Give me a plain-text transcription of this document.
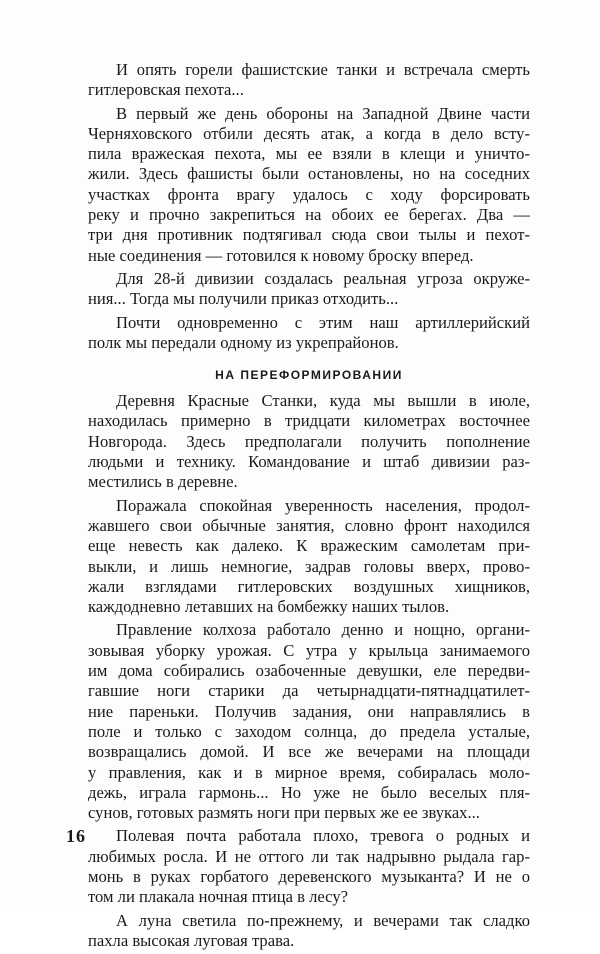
И опять горели фашистские танки и встречала смерть
гитлеровская пехота...
В первый же день обороны на Западной Двине части
Черняховского отбили десять атак, а когда в дело всту-
пила вражеская пехота, мы ее взяли в клещи и уничто-
жили. Здесь фашисты были остановлены, но на соседних
участках фронта врагу удалось с ходу форсировать
реку и прочно закрепиться на обоих ее берегах. Два —
три дня противник подтягивал сюда свои тылы и пехот-
ные соединения — готовился к новому броску вперед.
Для 28-й дивизии создалась реальная угроза окруже-
ния... Тогда мы получили приказ отходить...
Почти одновременно с этим наш артиллерийский
полк мы передали одному из укрепрайонов.
НА ПЕРЕФОРМИРОВАНИИ
Деревня Красные Станки, куда мы вышли в июле,
находилась примерно в тридцати километрах восточнее
Новгорода. Здесь предполагали получить пополнение
людьми и технику. Командование и штаб дивизии раз-
местились в деревне.
Поражала спокойная уверенность населения, продол-
жавшего свои обычные занятия, словно фронт находился
еще невесть как далеко. К вражеским самолетам при-
выкли, и лишь немногие, задрав головы вверх, прово-
жали взглядами гитлеровских воздушных хищников,
каждодневно летавших на бомбежку наших тылов.
Правление колхоза работало денно и нощно, органи-
зовывая уборку урожая. С утра у крыльца занимаемого
им дома собирались озабоченные девушки, еле передви-
гавшие ноги старики да четырнадцати-пятнадцатилет-
ние пареньки. Получив задания, они направлялись в
поле и только с заходом солнца, до предела усталые,
возвращались домой. И все же вечерами на площади
у правления, как и в мирное время, собиралась моло-
дежь, играла гармонь... Но уже не было веселых пля-
сунов, готовых размять ноги при первых же ее звуках...
Полевая почта работала плохо, тревога о родных и
любимых росла. И не оттого ли так надрывно рыдала гар-
монь в руках горбатого деревенского музыканта? И не о
том ли плакала ночная птица в лесу?
А луна светила по-прежнему, и вечерами так сладко
пахла высокая луговая трава.
16
